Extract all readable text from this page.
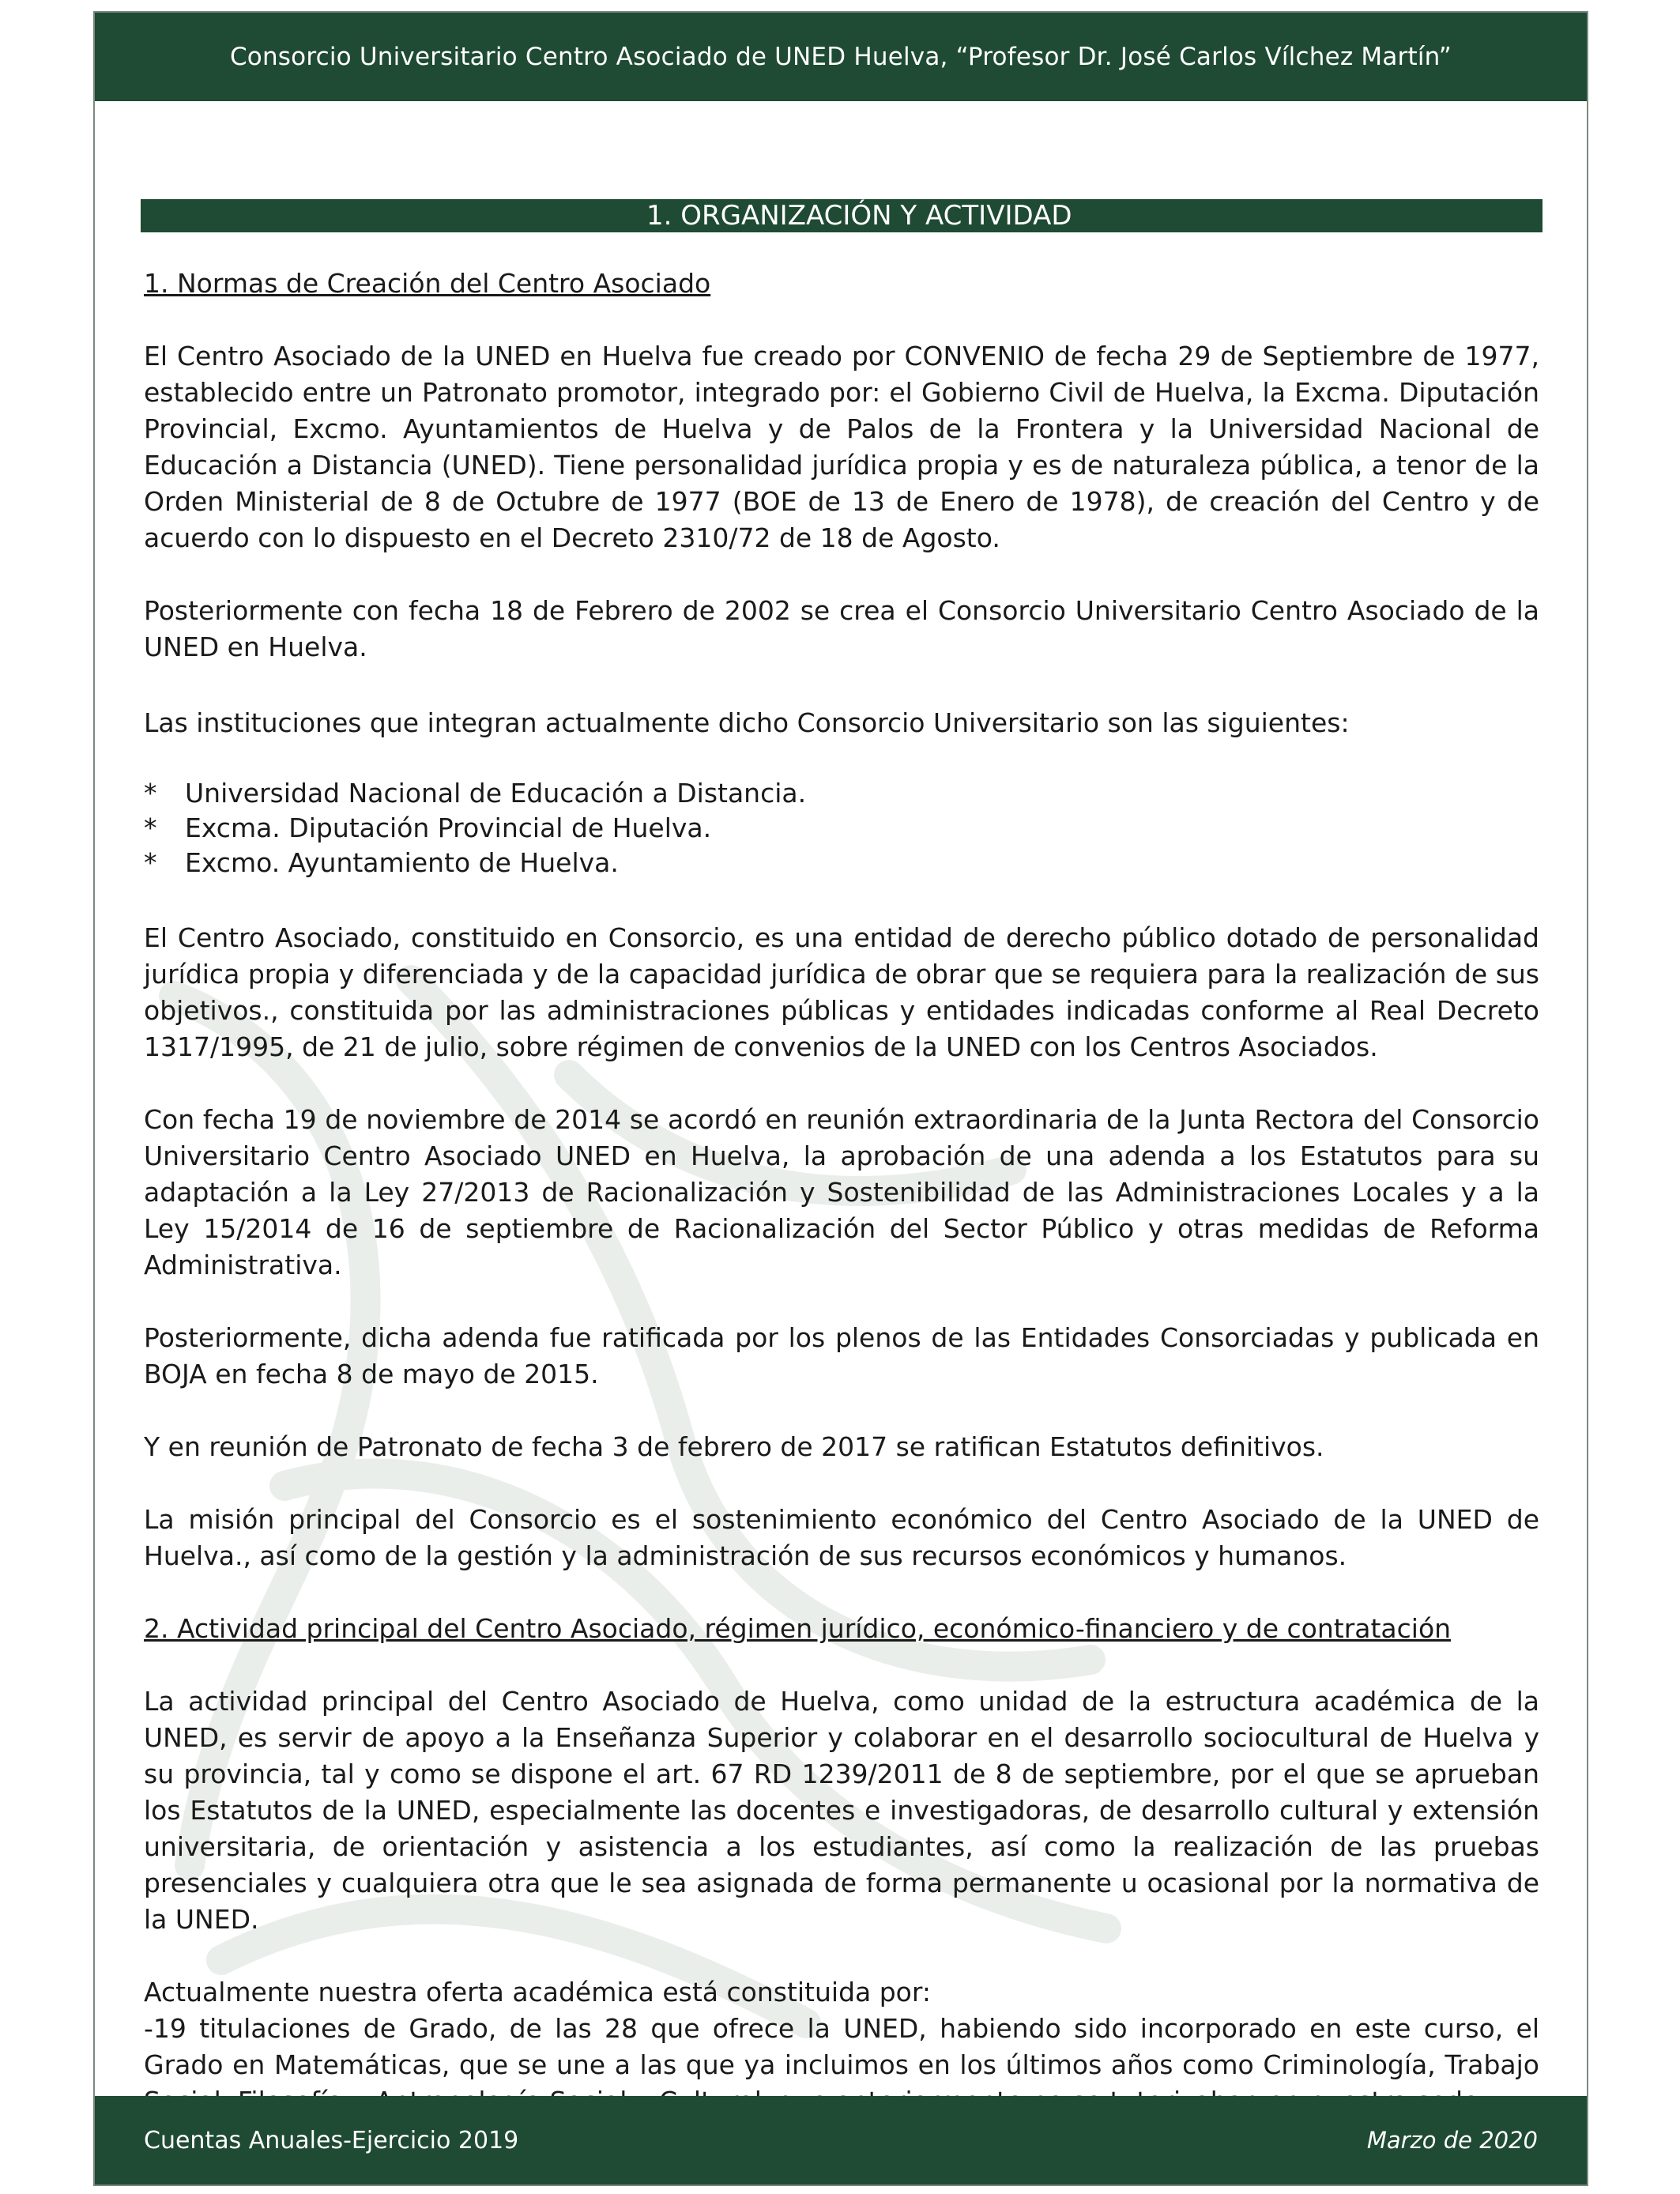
Consorcio Universitario Centro Asociado de UNED Huelva, “Profesor Dr. José Carlos Vílchez Martín”
1. ORGANIZACIÓN Y ACTIVIDAD

1. Normas de Creación del Centro Asociado

El Centro Asociado de la UNED en Huelva fue creado por CONVENIO de fecha 29 de Septiembre de 1977, establecido entre un Patronato promotor, integrado por: el Gobierno Civil de Huelva, la Excma. Diputación Provincial, Excmo. Ayuntamientos de Huelva y de Palos de la Frontera y la Universidad Nacional de Educación a Distancia (UNED). Tiene personalidad jurídica propia y es de naturaleza pública, a tenor de la Orden Ministerial de 8 de Octubre de 1977 (BOE de 13 de Enero de 1978), de creación del Centro y de acuerdo con lo dispuesto en el Decreto 2310/72 de 18 de Agosto.

Posteriormente con fecha 18 de Febrero de 2002 se crea el Consorcio Universitario Centro Asociado de la UNED en Huelva.

Las instituciones que integran actualmente dicho Consorcio Universitario son las siguientes:

*	Universidad Nacional de Educación a Distancia.
*	Excma. Diputación Provincial de Huelva.
*	Excmo. Ayuntamiento de Huelva.

El Centro Asociado, constituido en Consorcio, es una entidad de derecho público dotado de personalidad jurídica propia y diferenciada y de la capacidad jurídica de obrar que se requiera para la realización de sus objetivos., constituida por las administraciones públicas y entidades indicadas conforme al Real Decreto 1317/1995, de 21 de julio, sobre régimen de convenios de la UNED con los Centros Asociados.

Con fecha 19 de noviembre de 2014 se acordó en reunión extraordinaria de la Junta Rectora del Consorcio Universitario Centro Asociado UNED en Huelva, la aprobación de una adenda a los Estatutos para su adaptación a la Ley 27/2013 de Racionalización y Sostenibilidad de las Administraciones Locales y a la Ley 15/2014 de 16 de septiembre de Racionalización del Sector Público y otras medidas de Reforma Administrativa.

Posteriormente, dicha adenda fue ratificada por los plenos de las Entidades Consorciadas y publicada en BOJA en fecha 8 de mayo de 2015.

Y en reunión de Patronato de fecha 3 de febrero de 2017 se ratifican Estatutos definitivos.

La misión principal del Consorcio es el sostenimiento económico del Centro Asociado de la UNED de Huelva., así como de la gestión y la administración de sus recursos económicos y humanos.

2. Actividad principal del Centro Asociado, régimen jurídico, económico-financiero y de contratación

La actividad principal del Centro Asociado de Huelva, como unidad de la estructura académica de la UNED, es servir de apoyo a la Enseñanza Superior y colaborar en el desarrollo sociocultural de Huelva y su provincia, tal y como se dispone el art. 67 RD 1239/2011 de 8 de septiembre, por el que se aprueban los Estatutos de la UNED, especialmente las docentes e investigadoras, de desarrollo cultural y extensión universitaria, de orientación y asistencia a los estudiantes, así como la realización de las pruebas presenciales y cualquiera otra que le sea asignada de forma permanente u ocasional por la normativa de la UNED.

Actualmente nuestra oferta académica está constituida por:

-19 titulaciones de Grado, de las 28 que ofrece la UNED, habiendo sido incorporado en este curso, el Grado en Matemáticas, que se une a las que ya incluimos en los últimos años como Criminología, Trabajo

Cuentas Anuales-Ejercicio 2019	Marzo de 2020
